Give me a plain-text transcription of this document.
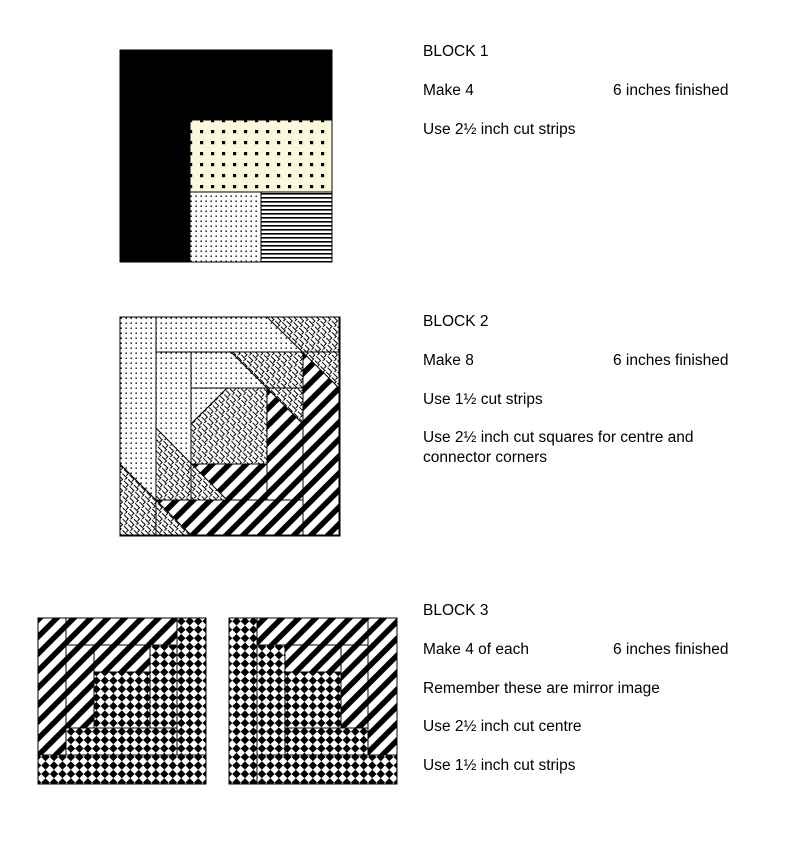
BLOCK 1
Make 4	6 inches finished
Use 2½ inch cut strips
BLOCK 2
Make 8	6 inches finished
Use 1½ cut strips
Use 2½ inch cut squares for centre and connector corners
BLOCK 3
Make 4 of each	6 inches finished
Remember these are mirror image
Use 2½ inch cut centre
Use 1½ inch cut strips
